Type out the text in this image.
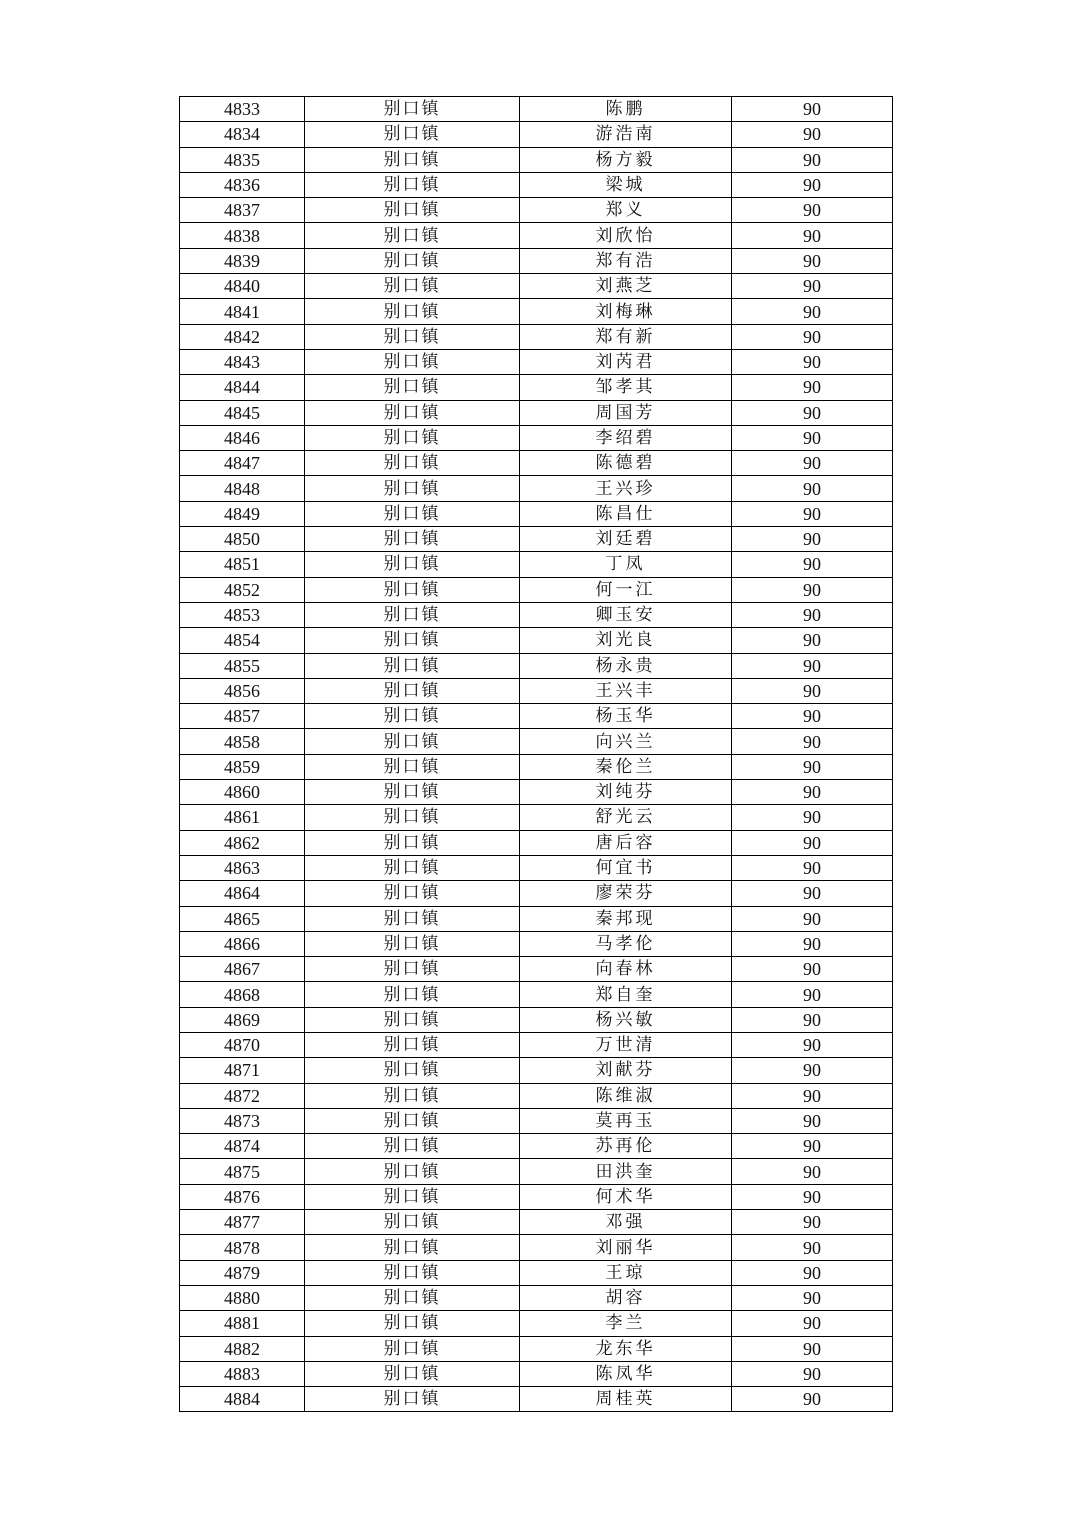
4833	别口镇	陈鹏	90
4834	别口镇	游浩南	90
4835	别口镇	杨方毅	90
4836	别口镇	梁城	90
4837	别口镇	郑义	90
4838	别口镇	刘欣怡	90
4839	别口镇	郑有浩	90
4840	别口镇	刘燕芝	90
4841	别口镇	刘梅琳	90
4842	别口镇	郑有新	90
4843	别口镇	刘芮君	90
4844	别口镇	邹孝其	90
4845	别口镇	周国芳	90
4846	别口镇	李绍碧	90
4847	别口镇	陈德碧	90
4848	别口镇	王兴珍	90
4849	别口镇	陈昌仕	90
4850	别口镇	刘廷碧	90
4851	别口镇	丁凤	90
4852	别口镇	何一江	90
4853	别口镇	卿玉安	90
4854	别口镇	刘光良	90
4855	别口镇	杨永贵	90
4856	别口镇	王兴丰	90
4857	别口镇	杨玉华	90
4858	别口镇	向兴兰	90
4859	别口镇	秦伦兰	90
4860	别口镇	刘纯芬	90
4861	别口镇	舒光云	90
4862	别口镇	唐后容	90
4863	别口镇	何宜书	90
4864	别口镇	廖荣芬	90
4865	别口镇	秦邦现	90
4866	别口镇	马孝伦	90
4867	别口镇	向春林	90
4868	别口镇	郑自奎	90
4869	别口镇	杨兴敏	90
4870	别口镇	万世清	90
4871	别口镇	刘献芬	90
4872	别口镇	陈维淑	90
4873	别口镇	莫再玉	90
4874	别口镇	苏再伦	90
4875	别口镇	田洪奎	90
4876	别口镇	何术华	90
4877	别口镇	邓强	90
4878	别口镇	刘丽华	90
4879	别口镇	王琼	90
4880	别口镇	胡容	90
4881	别口镇	李兰	90
4882	别口镇	龙东华	90
4883	别口镇	陈凤华	90
4884	别口镇	周桂英	90
